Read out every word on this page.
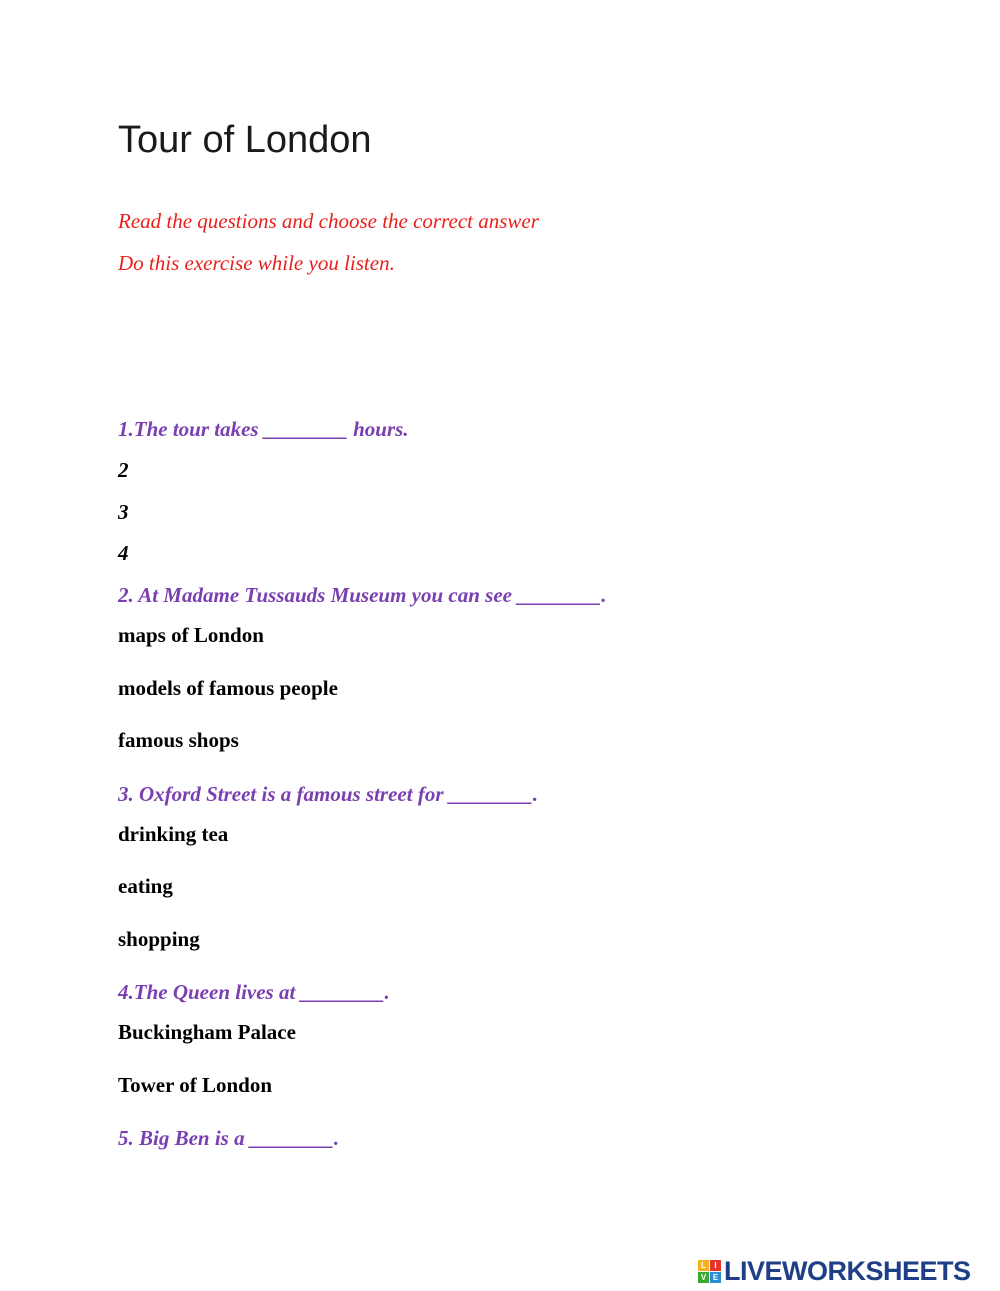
Tour of London

Read the questions and choose the correct answer

Do this exercise while you listen.

1.The tour takes ________ hours.

2

3

4

2. At Madame Tussauds Museum you can see ________.

maps of London

models of famous people

famous shops

3. Oxford Street is a famous street for ________.

drinking tea

eating

shopping

4.The Queen lives at ________.

Buckingham Palace

Tower of London

5. Big Ben is a ________.

L	I
V E LIVEWORKSHEETS
